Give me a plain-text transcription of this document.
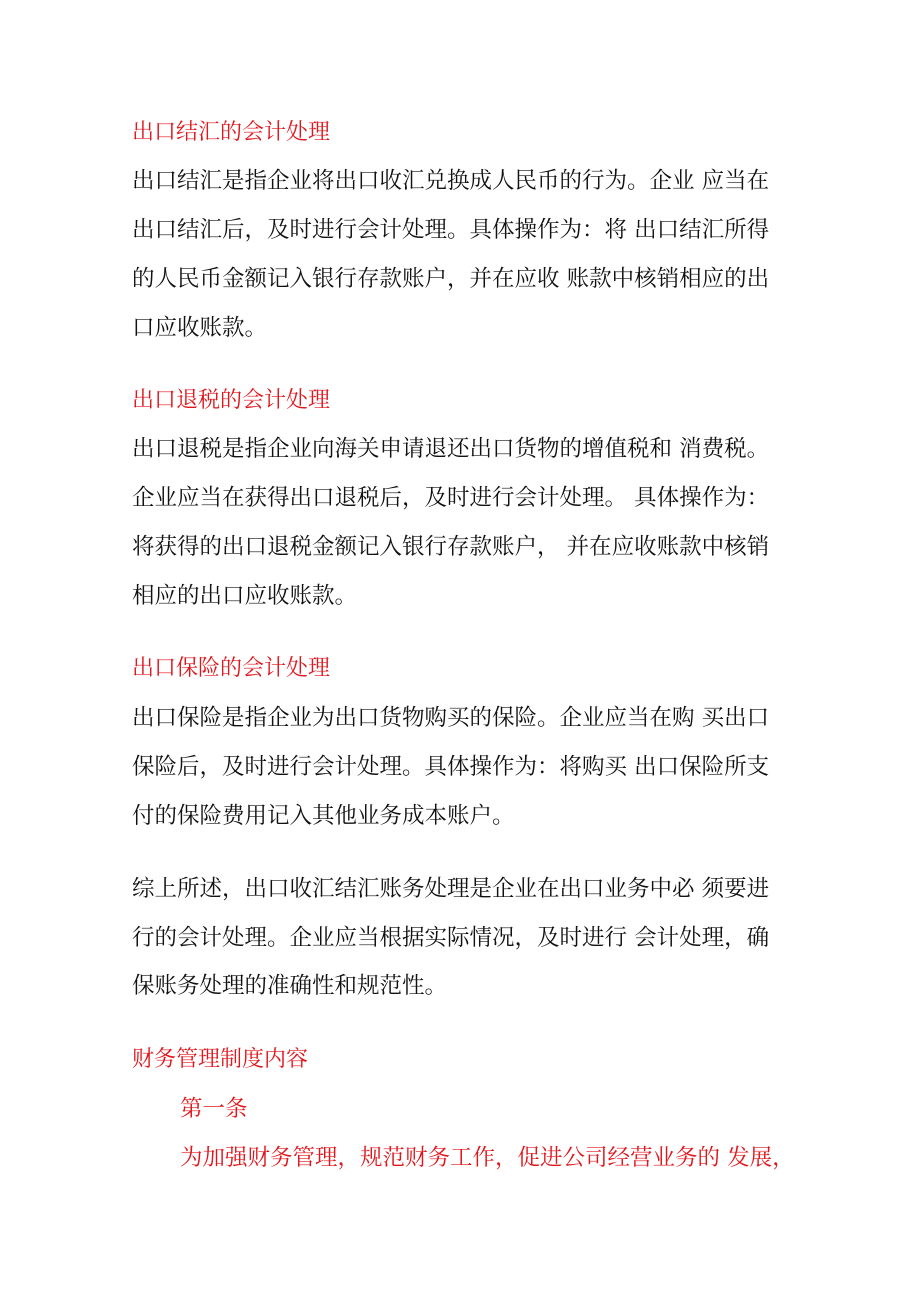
出口结汇的会计处理

出口结汇是指企业将出口收汇兑换成人民币的行为。企业 应当在

出口结汇后，及时进行会计处理。具体操作为：将 出口结汇所得

的人民币金额记入银行存款账户，并在应收 账款中核销相应的出

口应收账款。

出口退税的会计处理

出口退税是指企业向海关申请退还出口货物的增值税和 消费税。

企业应当在获得出口退税后，及时进行会计处理。 具体操作为：

将获得的出口退税金额记入银行存款账户， 并在应收账款中核销

相应的出口应收账款。

出口保险的会计处理

出口保险是指企业为出口货物购买的保险。企业应当在购 买出口

保险后，及时进行会计处理。具体操作为：将购买 出口保险所支

付的保险费用记入其他业务成本账户。

综上所述，出口收汇结汇账务处理是企业在出口业务中必 须要进

行的会计处理。企业应当根据实际情况，及时进行 会计处理，确

保账务处理的准确性和规范性。

财务管理制度内容

第一条

为加强财务管理，规范财务工作，促进公司经营业务的 发展，
